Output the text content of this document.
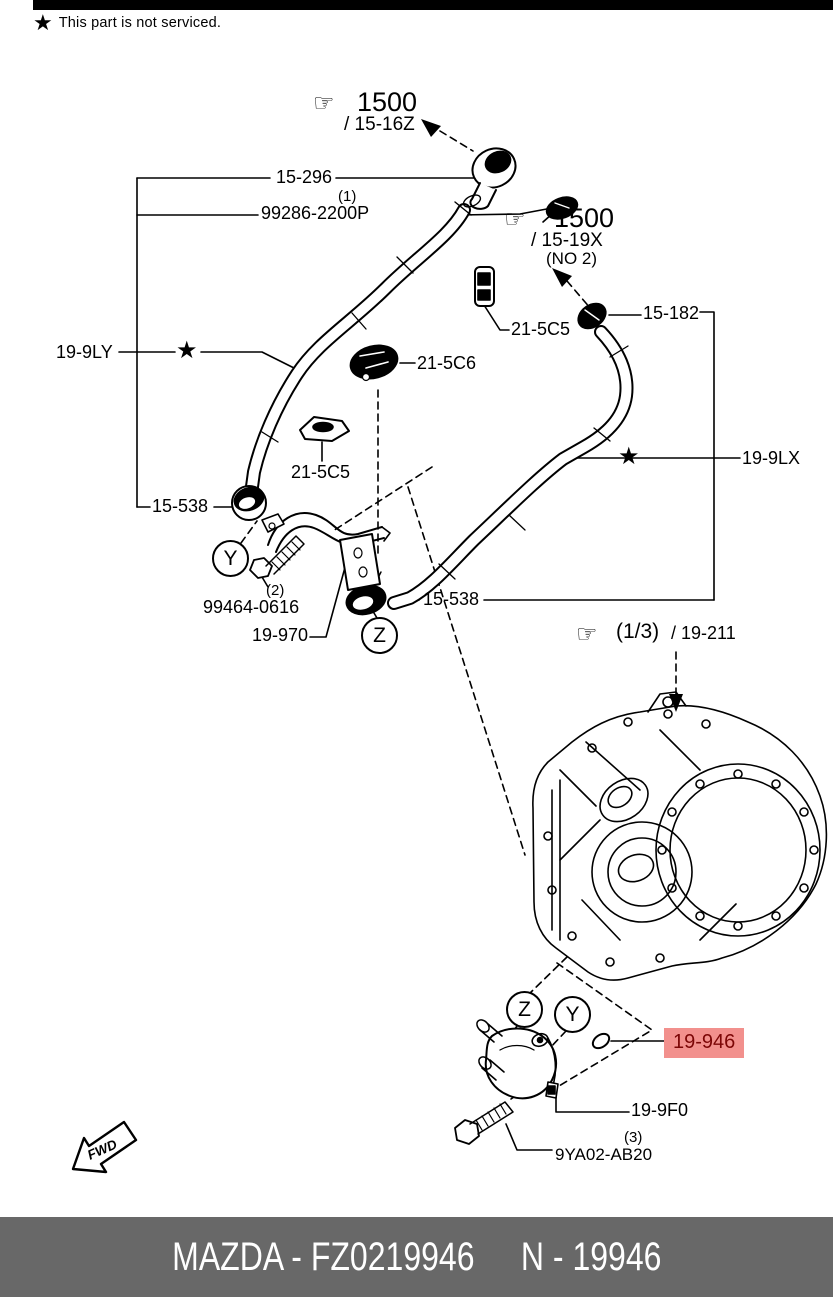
★ This part is not serviced.
FWD
☞ 1500
/ 15-16Z
15-296
(1)
99286-2200P	☞ 1500
/ 15-19X
(NO 2)
21-5C5
15-182
19-9LY	★	21-5C6
21-5C5
★	19-9LX
15-538
Y
(2)
99464-0616
19-970	Z
15-538
☞ (1/3) / 19-211
Z Y
19-946
19-9F0
(3)
9YA02-AB20
MAZDA - FZ0219946 N - 19946
